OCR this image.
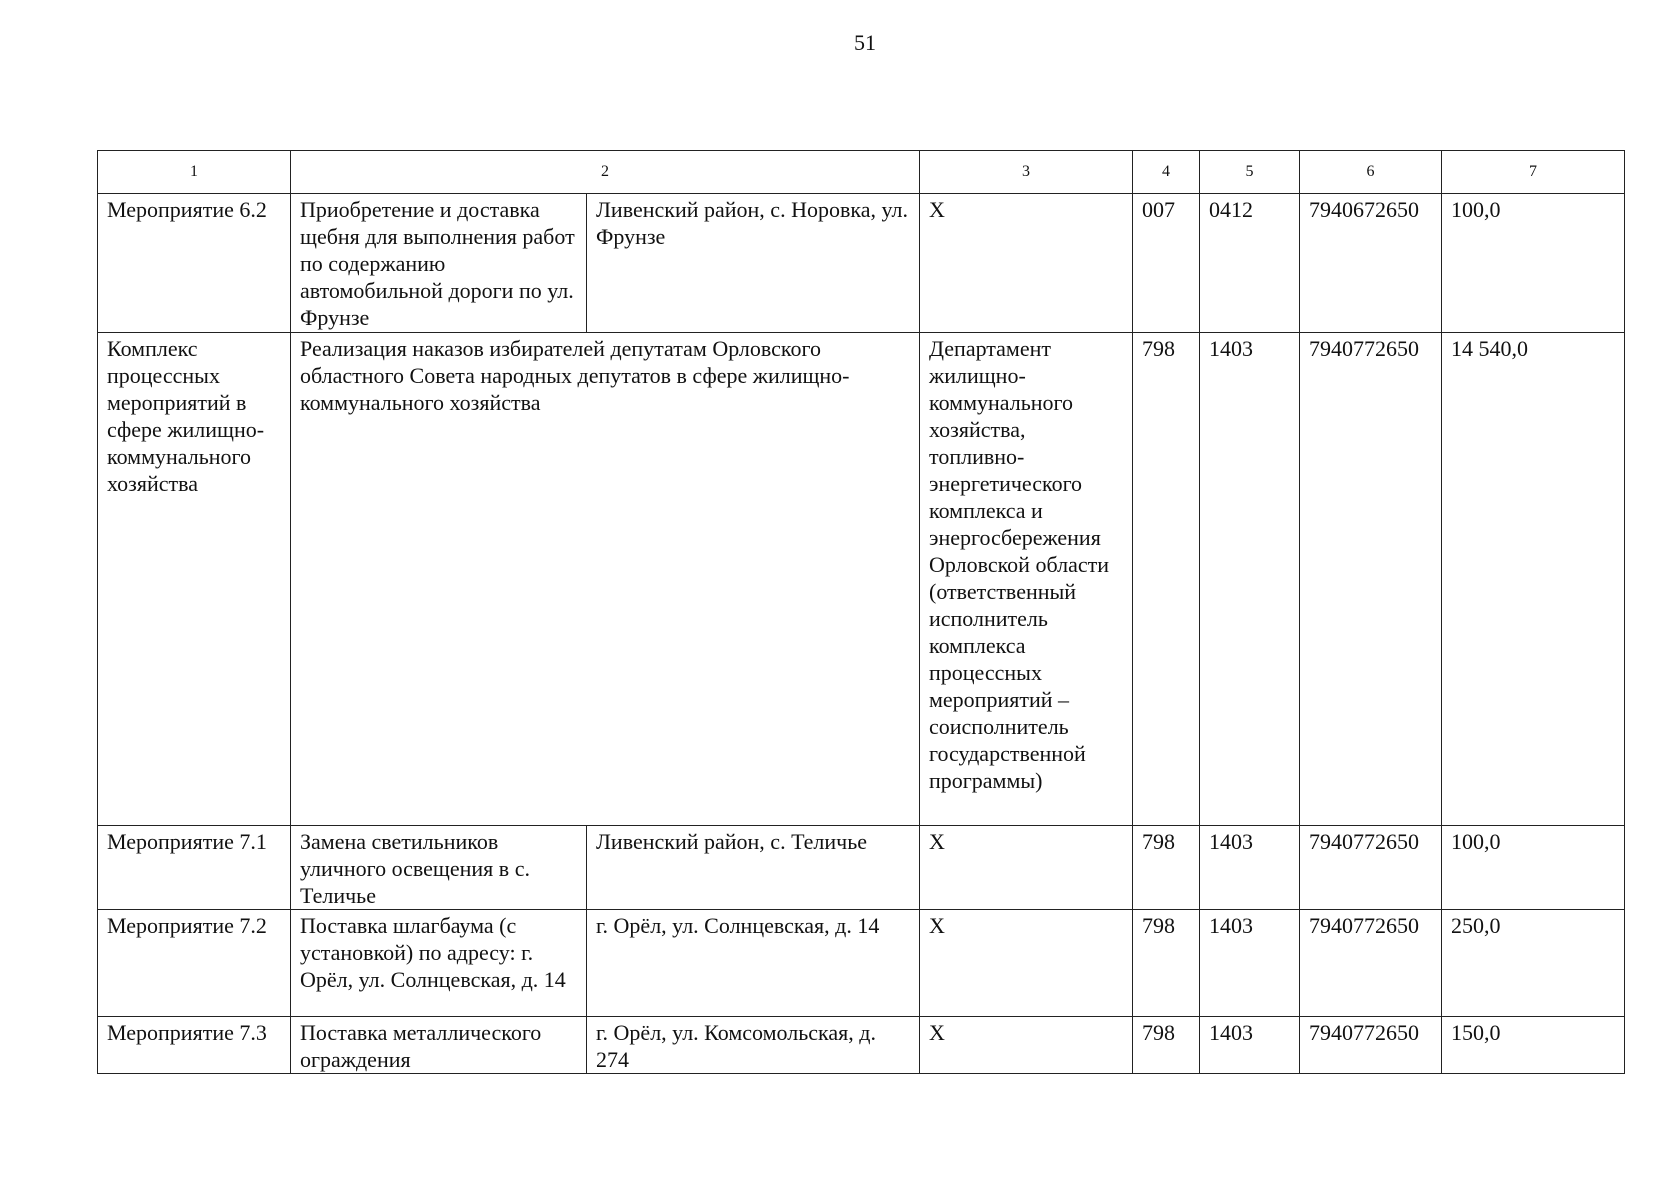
51
1	2		3	4	5	6	7
Мероприятие 6.2	Приобретение и доставка щебня для выполнения работ по содержанию автомобильной дороги по ул. Фрунзе	Ливенский район, с. Норовка, ул. Фрунзе	Х	007	0412	7940672650	100,0
Комплекс процессных мероприятий в сфере жилищно-коммунального хозяйства	Реализация наказов избирателей депутатам Орловского областного Совета народных депутатов в сфере жилищно-коммунального хозяйства		Департамент жилищно-коммунального хозяйства, топливно-энергетического комплекса и энергосбережения Орловской области (ответственный исполнитель комплекса процессных мероприятий – соисполнитель государственной программы)	798	1403	7940772650	14 540,0
Мероприятие 7.1	Замена светильников уличного освещения в с. Теличье	Ливенский район, с. Теличье	Х	798	1403	7940772650	100,0
Мероприятие 7.2	Поставка шлагбаума (с установкой) по адресу: г. Орёл, ул. Солнцевская, д. 14	г. Орёл, ул. Солнцевская, д. 14	Х	798	1403	7940772650	250,0
Мероприятие 7.3	Поставка металлического ограждения	г. Орёл, ул. Комсомольская, д. 274	Х	798	1403	7940772650	150,0
